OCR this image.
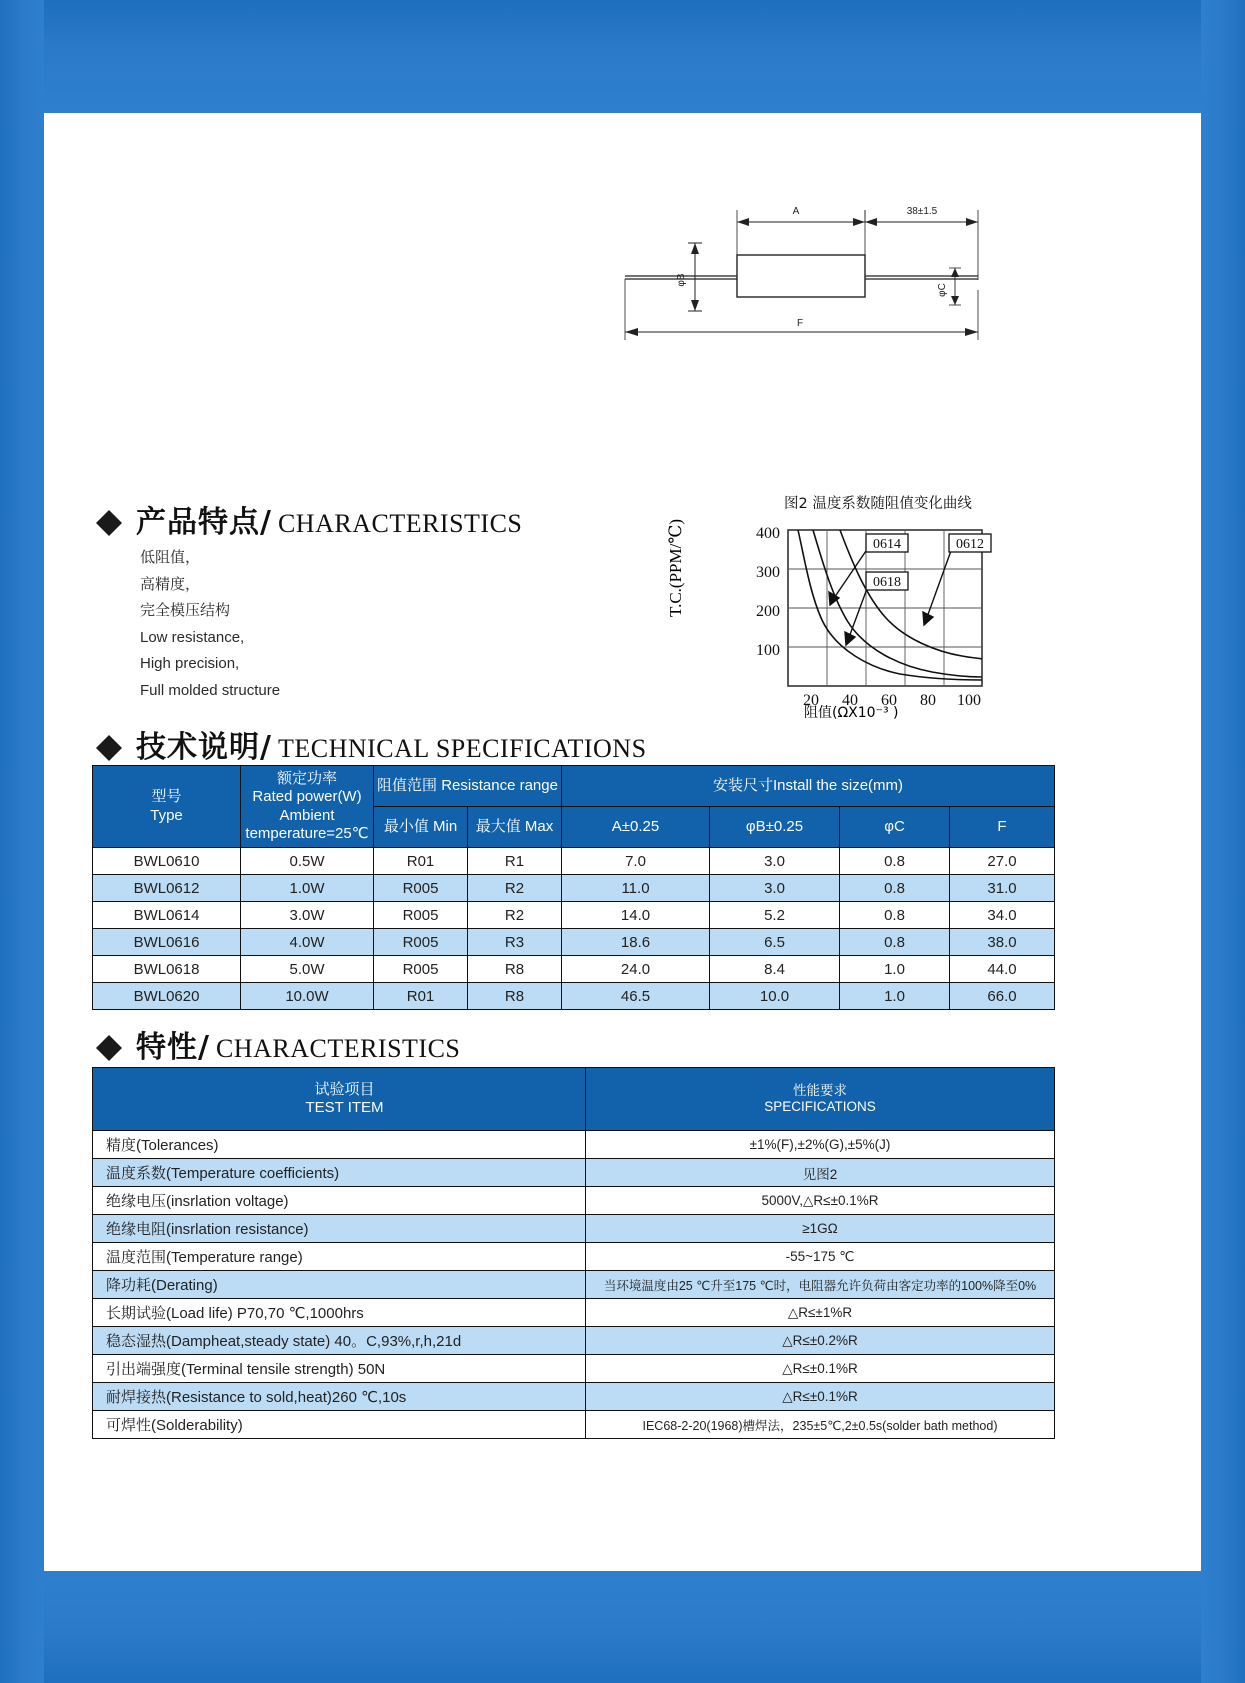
A	38±1.5
φB
φC
F
产品特点 / CHARACTERISTICS
低阻值，
高精度，
完全模压结构
Low resistance,
High precision,
Full molded structure
图2 温度系数随阻值变化曲线
T.C.(PPM/℃)	400
300
200
100
20 40 60 80 100
0614
0618
0612
阻值(ΩX10⁻³ )
技术说明 / TECHNICAL SPECIFICATIONS
型号
Type

额定功率
Rated power(W)
Ambient
temperature=25℃
	阻值范围 Resistance range	安装尺寸Install the size(mm)
		最小值 Min	最大值 Max	A±0.25	φB±0.25	φC	F
BWL0610	0.5W	R01	R1	7.0	3.0	0.8	27.0
BWL0612	1.0W	R005	R2	11.0	3.0	0.8	31.0
BWL0614	3.0W	R005	R2	14.0	5.2	0.8	34.0
BWL0616	4.0W	R005	R3	18.6	6.5	0.8	38.0
BWL0618	5.0W	R005	R8	24.0	8.4	1.0	44.0
BWL0620	10.0W	R01	R8	46.5	10.0	1.0	66.0
特性 / CHARACTERISTICS
试验项目
TEST ITEM

性能要求
SPECIFICATIONS

精度(Tolerances)	±1%(F),±2%(G),±5%(J)
温度系数(Temperature coefficients)	见图2
绝缘电压(insrlation voltage)	5000V,△R≤±0.1%R
绝缘电阻(insrlation resistance)	≥1GΩ
温度范围(Temperature range)	-55~175 ℃
降功耗(Derating)	当环境温度由25 ℃升至175 ℃时，电阻器允许负荷由客定功率的100%降至0%
长期试验(Load life) P70,70 ℃,1000hrs	△R≤±1%R
稳态湿热(Dampheat,steady state) 40。C,93%,r,h,21d	△R≤±0.2%R
引出端强度(Terminal tensile strength) 50N	△R≤±0.1%R
耐焊接热(Resistance to sold,heat)260 ℃,10s	△R≤±0.1%R
可焊性(Solderability)	IEC68-2-20(1968)槽焊法，235±5℃,2±0.5s(solder bath method)
